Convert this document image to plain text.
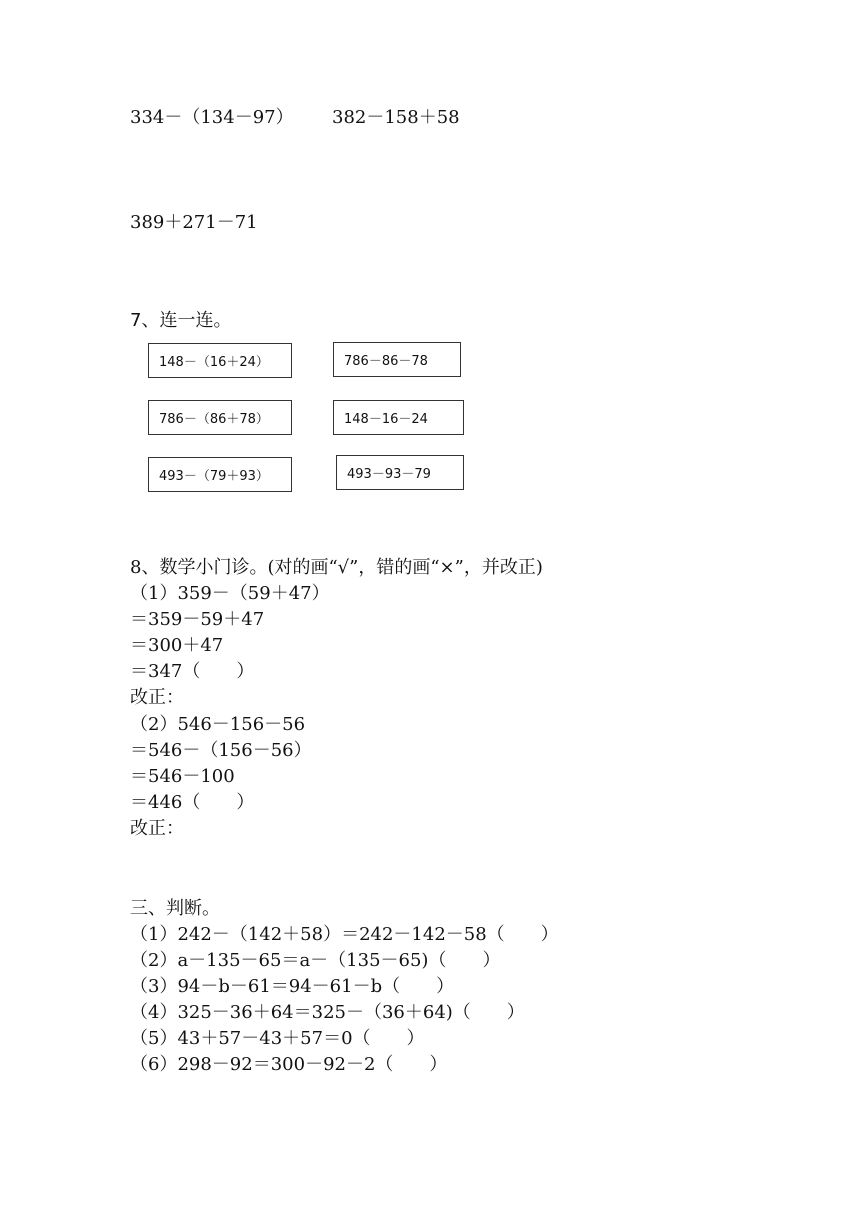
334－（134－97） 382－158＋58
389＋271－71
7、连一连。
148－（16＋24）
786－（86＋78）
493－（79＋93）
786－86－78
148－16－24
493－93－79
8、数学小门诊。(对的画“√”，错的画“×”，并改正)
（1）359－（59＋47）
＝359－59＋47
＝300＋47
＝347（　　）
改正：
（2）546－156－56
＝546－（156－56）
＝546－100
＝446（　　）
改正：
三、判断。
（1）242－（142＋58）＝242－142－58（　　）
（2）a－135－65＝a－（135－65)（　　）
（3）94－b－61＝94－61－b（　　）
（4）325－36＋64＝325－（36＋64)（　　）
（5）43＋57－43＋57＝0（　　）
（6）298－92＝300－92－2（　　）
